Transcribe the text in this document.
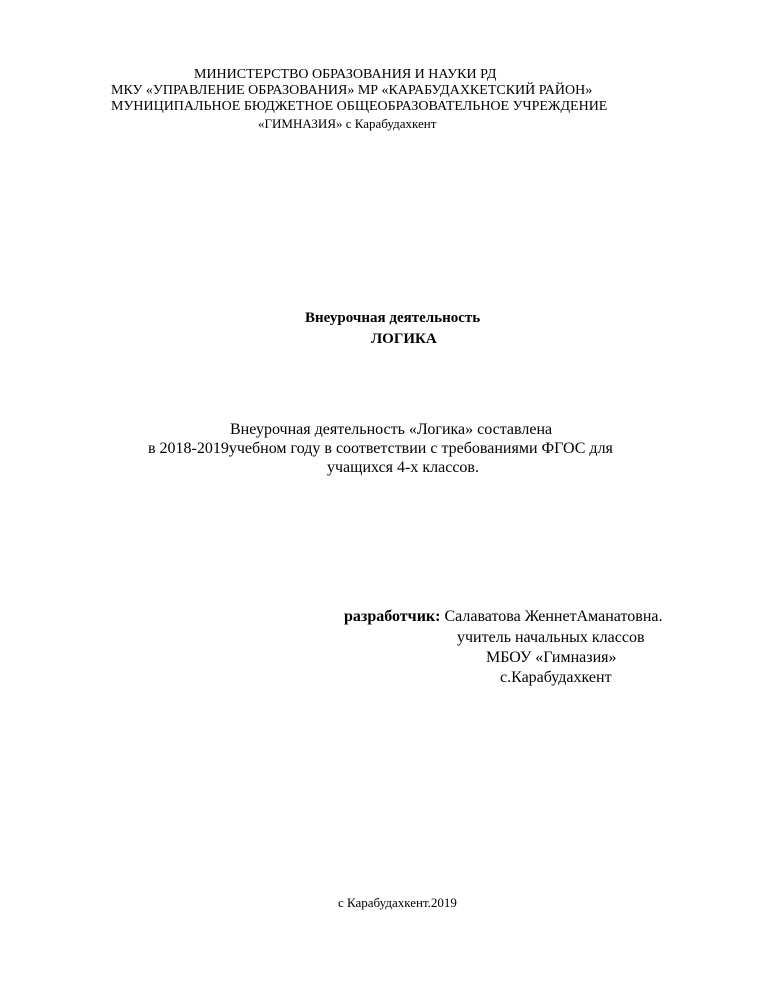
МИНИСТЕРСТВО ОБРАЗОВАНИЯ И НАУКИ РД
МКУ «УПРАВЛЕНИЕ ОБРАЗОВАНИЯ» МР «КАРАБУДАХКЕТСКИЙ РАЙОН»
МУНИЦИПАЛЬНОЕ БЮДЖЕТНОЕ ОБЩЕОБРАЗОВАТЕЛЬНОЕ УЧРЕЖДЕНИЕ
«ГИМНАЗИЯ» с Карабудахкент
Внеурочная деятельность
ЛОГИКА
Внеурочная деятельность «Логика» составлена
в 2018-2019учебном году в соответствии с требованиями ФГОС для
учащихся 4-х классов.
разработчик: Салаватова ЖеннетАманатовна.
учитель начальных классов
МБОУ «Гимназия»
с.Карабудахкент
с Карабудахкент.2019
